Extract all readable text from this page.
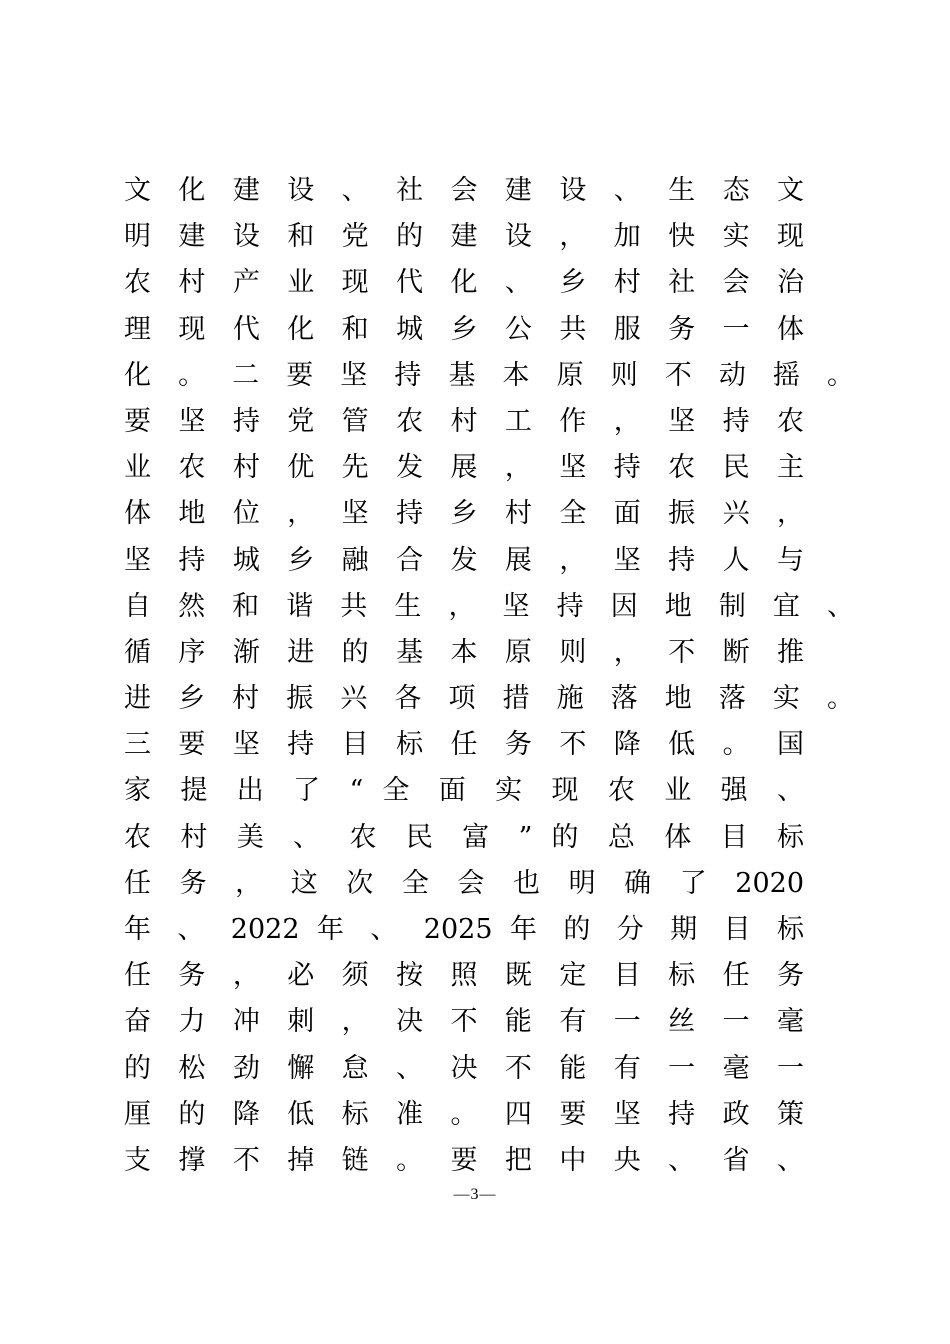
文 化 建 设 、 社 会 建 设 、 生 态 文
明 建 设 和 党 的 建 设 ， 加 快 实 现
农 村 产 业 现 代 化 、 乡 村 社 会 治
理 现 代 化 和 城 乡 公 共 服 务 一 体
化 。 二 要 坚 持 基 本 原 则 不 动 摇 。
要 坚 持 党 管 农 村 工 作 ， 坚 持 农
业 农 村 优 先 发 展 ， 坚 持 农 民 主
体 地 位 ， 坚 持 乡 村 全 面 振 兴 ，
坚 持 城 乡 融 合 发 展 ， 坚 持 人 与
自 然 和 谐 共 生 ， 坚 持 因 地 制 宜 、
循 序 渐 进 的 基 本 原 则 ， 不 断 推
进 乡 村 振 兴 各 项 措 施 落 地 落 实 。
三 要 坚 持 目 标 任 务 不 降 低 。 国
家 提 出 了 “ 全 面 实 现 农 业 强 、
农 村 美 、 农 民 富 ” 的 总 体 目 标
任 务 ， 这 次 全 会 也 明 确 了 2020
年 、 2022 年 、 2025 年 的 分 期 目 标
任 务 ， 必 须 按 照 既 定 目 标 任 务
奋 力 冲 刺 ， 决 不 能 有 一 丝 一 毫
的 松 劲 懈 怠 、 决 不 能 有 一 毫 一
厘 的 降 低 标 准 。 四 要 坚 持 政 策
支 撑 不 掉 链 。 要 把 中 央 、 省 、
—3—
